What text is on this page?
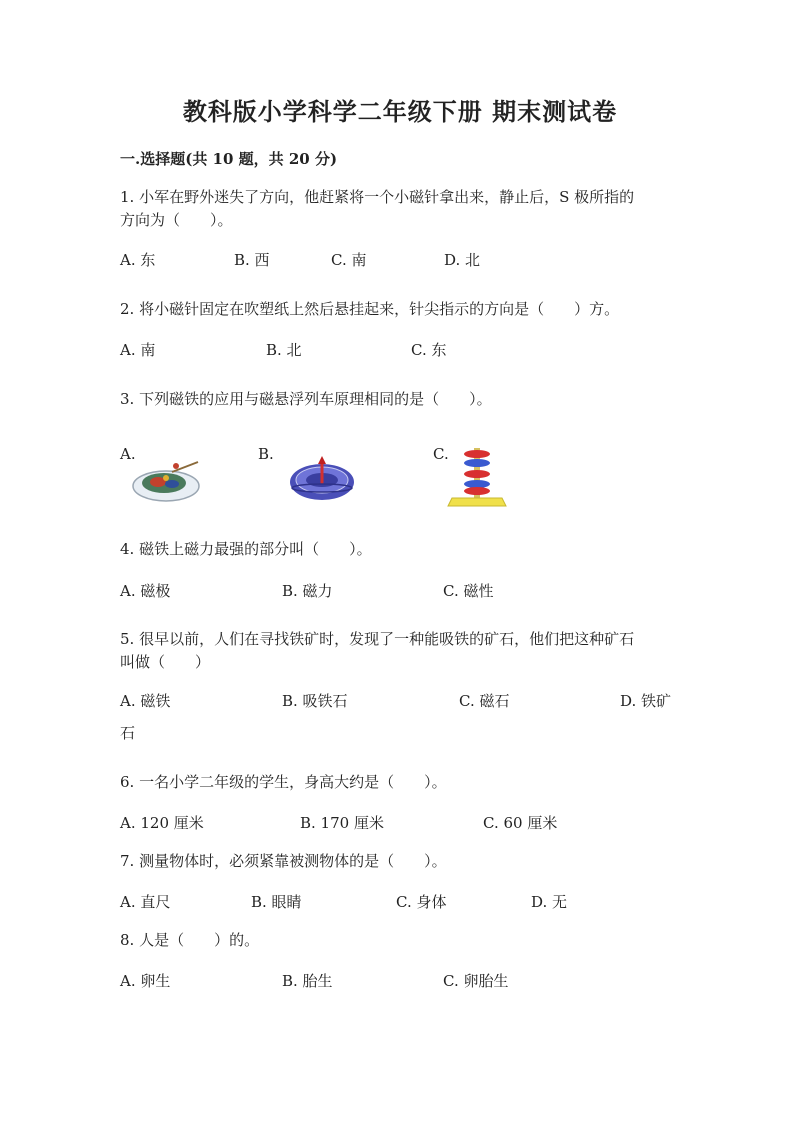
教科版小学科学二年级下册 期末测试卷
一.选择题(共 10 题，共 20 分)
1. 小军在野外迷失了方向，他赶紧将一个小磁针拿出来，静止后，S 极所指的
方向为（　　）。
A. 东	B. 西	C. 南	D. 北
2. 将小磁针固定在吹塑纸上然后悬挂起来，针尖指示的方向是（　　）方。
A. 南	B. 北	C. 东
3. 下列磁铁的应用与磁悬浮列车原理相同的是（　　）。
A.	B.	C.
4. 磁铁上磁力最强的部分叫（　　）。
A. 磁极	B. 磁力	C. 磁性
5. 很早以前，人们在寻找铁矿时，发现了一种能吸铁的矿石，他们把这种矿石
叫做（　　）
A. 磁铁	B. 吸铁石	C. 磁石	D. 铁矿
石
6. 一名小学二年级的学生，身高大约是（　　）。
A. 120 厘米	B. 170 厘米	C. 60 厘米
7. 测量物体时，必须紧靠被测物体的是（　　）。
A. 直尺	B. 眼睛	C. 身体	D. 无
8. 人是（　　）的。
A. 卵生	B. 胎生	C. 卵胎生
